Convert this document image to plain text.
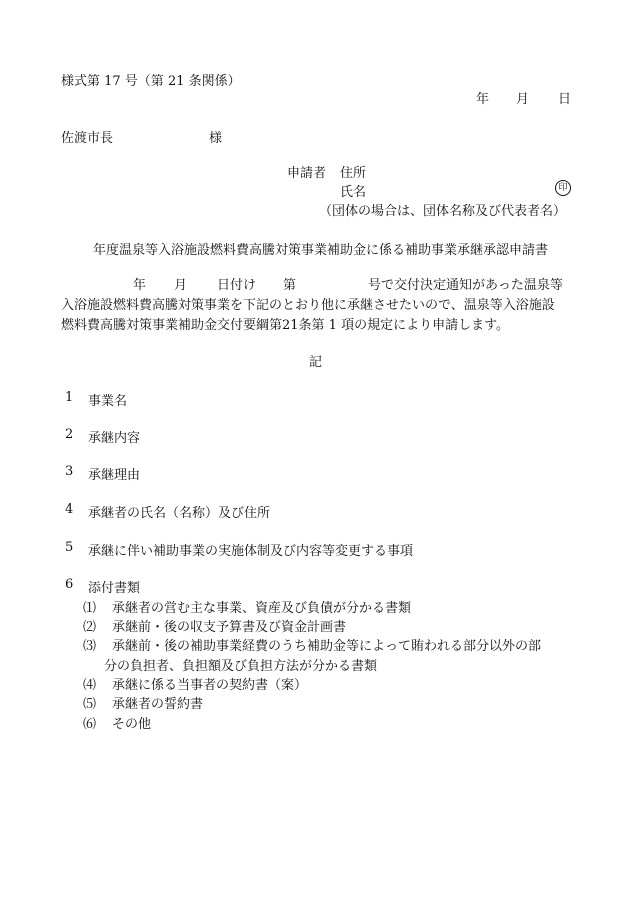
様式第 17 号（第 21 条関係）
年 月 日
佐渡市長	様
申請者 住所
氏名	印
（団体の場合は、団体名称及び代表者名）
年度温泉等入浴施設燃料費高騰対策事業補助金に係る補助事業承継承認申請書
年 月 日付け 第	号で交付決定通知があった温泉等
入浴施設燃料費高騰対策事業を下記のとおり他に承継させたいので、温泉等入浴施設
燃料費高騰対策事業補助金交付要綱第21条第 1 項の規定により申請します。
記
1 事業名
2 承継内容
3 承継理由
4 承継者の氏名（名称）及び住所
5 承継に伴い補助事業の実施体制及び内容等変更する事項
6 添付書類
⑴ 承継者の営む主な事業、資産及び負債が分かる書類
⑵ 承継前・後の収支予算書及び資金計画書
⑶ 承継前・後の補助事業経費のうち補助金等によって賄われる部分以外の部
分の負担者、負担額及び負担方法が分かる書類
⑷ 承継に係る当事者の契約書（案）
⑸ 承継者の誓約書
⑹ その他
